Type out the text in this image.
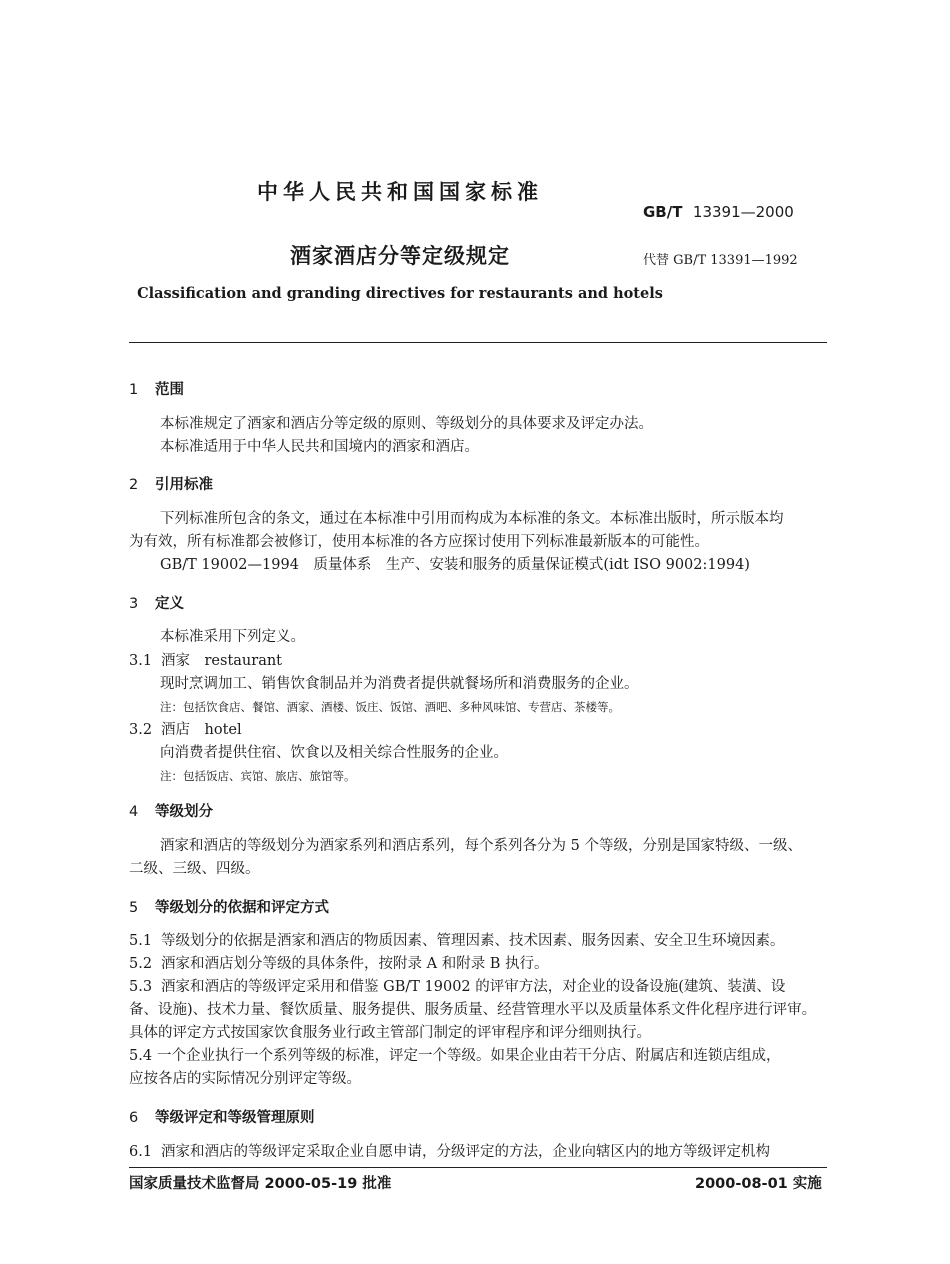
中华人民共和国国家标准
GB/T 13391—2000
酒家酒店分等定级规定	代替 GB/T 13391—1992
Classification and granding directives for restaurants and hotels
1 范围
本标准规定了酒家和酒店分等定级的原则、等级划分的具体要求及评定办法。
本标准适用于中华人民共和国境内的酒家和酒店。
2 引用标准
下列标准所包含的条文，通过在本标准中引用而构成为本标准的条文。本标准出版时，所示版本均
为有效，所有标准都会被修订，使用本标准的各方应探讨使用下列标准最新版本的可能性。
GB/T 19002—1994　质量体系　生产、安装和服务的质量保证模式(idt ISO 9002:1994)
3 定义
本标准采用下列定义。
3.1 酒家　restaurant
现时烹调加工、销售饮食制品并为消费者提供就餐场所和消费服务的企业。
注：包括饮食店、餐馆、酒家、酒楼、饭庄、饭馆、酒吧、多种风味馆、专营店、茶楼等。
3.2 酒店　hotel
向消费者提供住宿、饮食以及相关综合性服务的企业。
注：包括饭店、宾馆、旅店、旅馆等。
4 等级划分
酒家和酒店的等级划分为酒家系列和酒店系列，每个系列各分为 5 个等级，分别是国家特级、一级、
二级、三级、四级。
5 等级划分的依据和评定方式
5.1 等级划分的依据是酒家和酒店的物质因素、管理因素、技术因素、服务因素、安全卫生环境因素。
5.2 酒家和酒店划分等级的具体条件，按附录 A 和附录 B 执行。
5.3 酒家和酒店的等级评定采用和借鉴 GB/T 19002 的评审方法，对企业的设备设施(建筑、装潢、设
备、设施)、技术力量、餐饮质量、服务提供、服务质量、经营管理水平以及质量体系文件化程序进行评审。
具体的评定方式按国家饮食服务业行政主管部门制定的评审程序和评分细则执行。
5.4 一个企业执行一个系列等级的标准，评定一个等级。如果企业由若干分店、附属店和连锁店组成，
应按各店的实际情况分别评定等级。
6 等级评定和等级管理原则
6.1 酒家和酒店的等级评定采取企业自愿申请，分级评定的方法，企业向辖区内的地方等级评定机构
国家质量技术监督局 2000-05-19 批准	2000-08-01 实施
